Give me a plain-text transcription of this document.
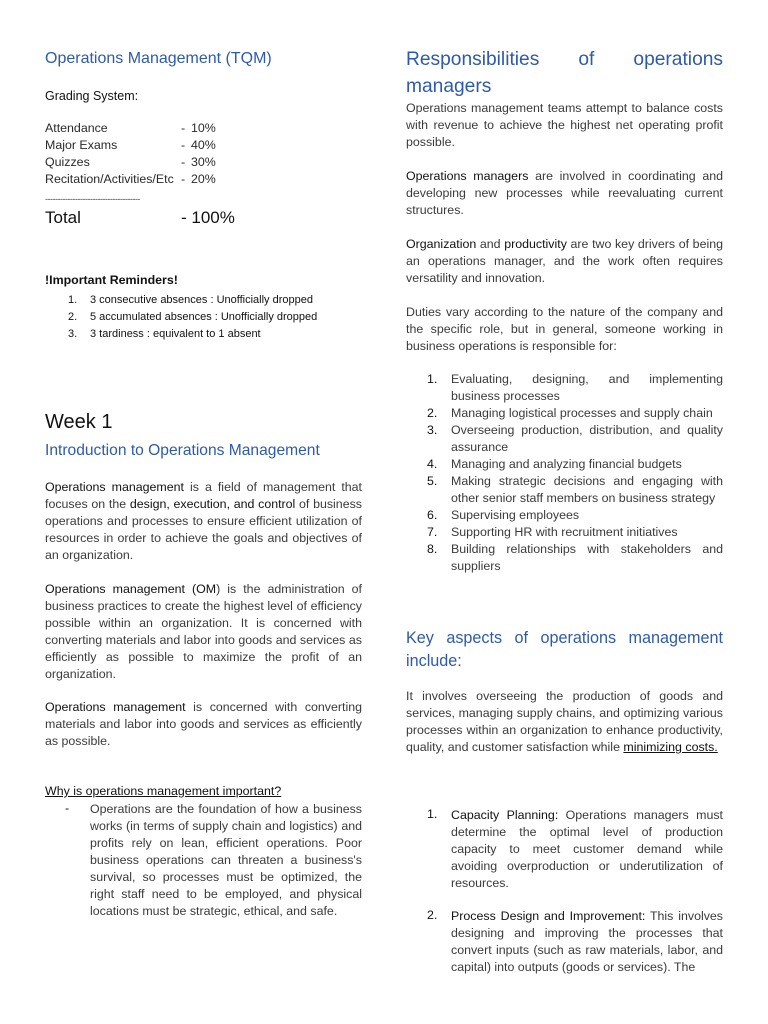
Operations Management (TQM)
Grading System:
Attendance	- 10%
Major Exams	- 40%
Quizzes	- 30%
Recitation/Activities/Etc - 20%
--------------------------------------
Total	- 100%
!Important Reminders!
1. 3 consecutive absences : Unofficially dropped
2. 5 accumulated absences : Unofficially dropped
3. 3 tardiness : equivalent to 1 absent
Week 1
Introduction to Operations Management

Operations management is a field of management that focuses on the design, execution, and control of business operations and processes to ensure efficient utilization of resources in order to achieve the goals and objectives of an organization.

Operations management (OM) is the administration of business practices to create the highest level of efficiency possible within an organization. It is concerned with converting materials and labor into goods and services as efficiently as possible to maximize the profit of an organization.

Operations management is concerned with converting materials and labor into goods and services as efficiently as possible.

Why is operations management important?
- Operations are the foundation of how a business works (in terms of supply chain and logistics) and profits rely on lean, efficient operations. Poor business operations can threaten a business's survival, so processes must be optimized, the right staff need to be employed, and physical locations must be strategic, ethical, and safe.

Responsibilities of operations managers

Operations management teams attempt to balance costs with revenue to achieve the highest net operating profit possible.

Operations managers are involved in coordinating and developing new processes while reevaluating current structures.

Organization and productivity are two key drivers of being an operations manager, and the work often requires versatility and innovation.

Duties vary according to the nature of the company and the specific role, but in general, someone working in business operations is responsible for:

1. Evaluating, designing, and implementing business processes
2. Managing logistical processes and supply chain
3. Overseeing production, distribution, and quality assurance
4. Managing and analyzing financial budgets
5. Making strategic decisions and engaging with other senior staff members on business strategy
6. Supervising employees
7. Supporting HR with recruitment initiatives
8. Building relationships with stakeholders and suppliers
Key aspects of operations management include:

It involves overseeing the production of goods and services, managing supply chains, and optimizing various processes within an organization to enhance productivity, quality, and customer satisfaction while minimizing costs.

1. Capacity Planning: Operations managers must determine the optimal level of production capacity to meet customer demand while avoiding overproduction or underutilization of resources.
2. Process Design and Improvement: This involves designing and improving the processes that convert inputs (such as raw materials, labor, and capital) into outputs (goods or services). The
